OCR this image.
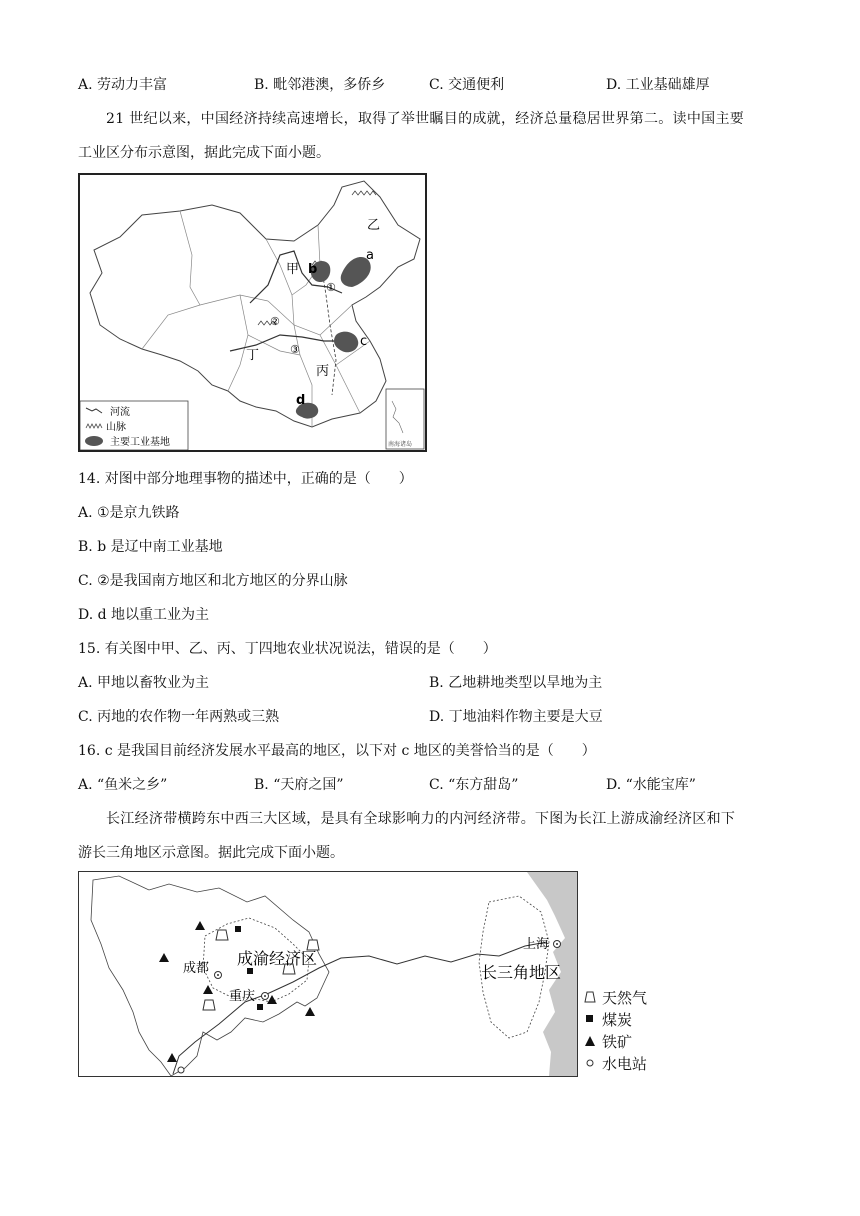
A. 劳动力丰富	B. 毗邻港澳，多侨乡	C. 交通便利	D. 工业基础雄厚
21 世纪以来，中国经济持续高速增长，取得了举世瞩目的成就，经济总量稳居世界第二。读中国主要
工业区分布示意图，据此完成下面小题。
南海诸岛
乙
a
甲 b
①
②
③
c
丁
丙
d
河流
山脉
主要工业基地
14. 对图中部分地理事物的描述中，正确的是（　　）
A. ①是京九铁路
B. b 是辽中南工业基地
C. ②是我国南方地区和北方地区的分界山脉
D. d 地以重工业为主
15. 有关图中甲、乙、丙、丁四地农业状况说法，错误的是（　　）
A. 甲地以畜牧业为主	B. 乙地耕地类型以旱地为主
C. 丙地的农作物一年两熟或三熟	D. 丁地油料作物主要是大豆
16. c 是我国目前经济发展水平最高的地区，以下对 c 地区的美誉恰当的是（　　）
A. “鱼米之乡”	B. “天府之国”	C. “东方甜岛”	D. “水能宝库”
长江经济带横跨东中西三大区域，是具有全球影响力的内河经济带。下图为长江上游成渝经济区和下
游长三角地区示意图。据此完成下面小题。
成都
重庆
成渝经济区
上海
长三角地区
天然气
煤炭
铁矿
水电站
